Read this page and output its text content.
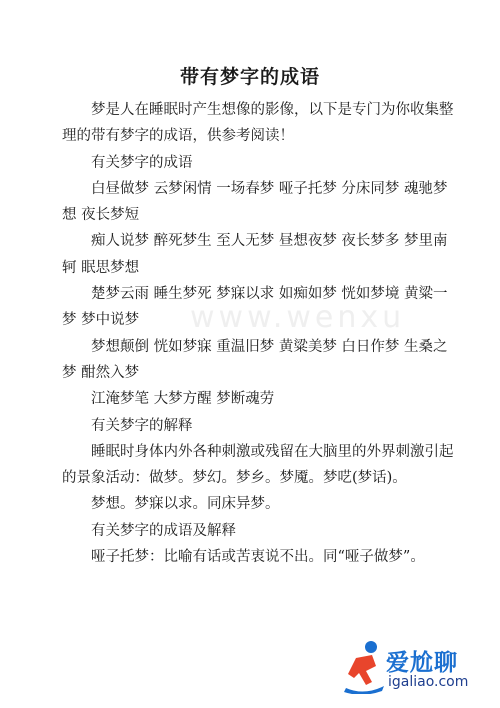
带有梦字的成语

梦是人在睡眠时产生想像的影像，以下是专门为你收集整理的带有梦字的成语，供参考阅读！

有关梦字的成语

白昼做梦 云梦闲情 一场春梦 哑子托梦 分床同梦 魂驰梦想 夜长梦短

痴人说梦 醉死梦生 至人无梦 昼想夜梦 夜长梦多 梦里南轲 眠思梦想

楚梦云雨 睡生梦死 梦寐以求 如痴如梦 恍如梦境 黄粱一梦 梦中说梦

梦想颠倒 恍如梦寐 重温旧梦 黄粱美梦 白日作梦 生桑之梦 酣然入梦

江淹梦笔 大梦方醒 梦断魂劳

有关梦字的解释

睡眠时身体内外各种刺激或残留在大脑里的外界刺激引起的景象活动：做梦。梦幻。梦乡。梦魇。梦呓(梦话)。

梦想。梦寐以求。同床异梦。

有关梦字的成语及解释

哑子托梦：比喻有话或苦衷说不出。同“哑子做梦”。

www.wenxu
爱尬聊
igaliao.com
